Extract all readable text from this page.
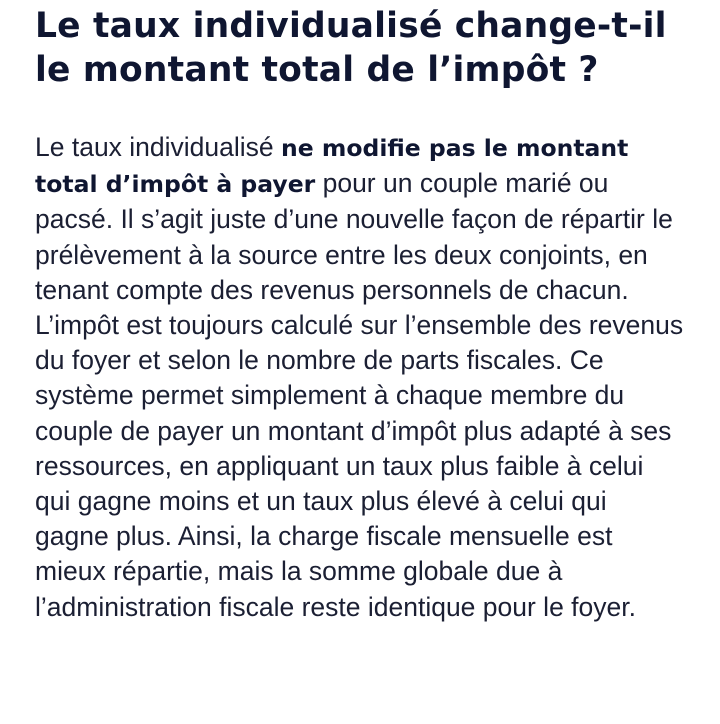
Le taux individualisé change-t-il le montant total de l’impôt ?

Le taux individualisé ne modifie pas le montant total d’impôt à payer pour un couple marié ou pacsé. Il s’agit juste d’une nouvelle façon de répartir le prélèvement à la source entre les deux conjoints, en tenant compte des revenus personnels de chacun. L’impôt est toujours calculé sur l’ensemble des revenus du foyer et selon le nombre de parts fiscales. Ce système permet simplement à chaque membre du couple de payer un montant d’impôt plus adapté à ses ressources, en appliquant un taux plus faible à celui qui gagne moins et un taux plus élevé à celui qui gagne plus. Ainsi, la charge fiscale mensuelle est mieux répartie, mais la somme globale due à l’administration fiscale reste identique pour le foyer.
